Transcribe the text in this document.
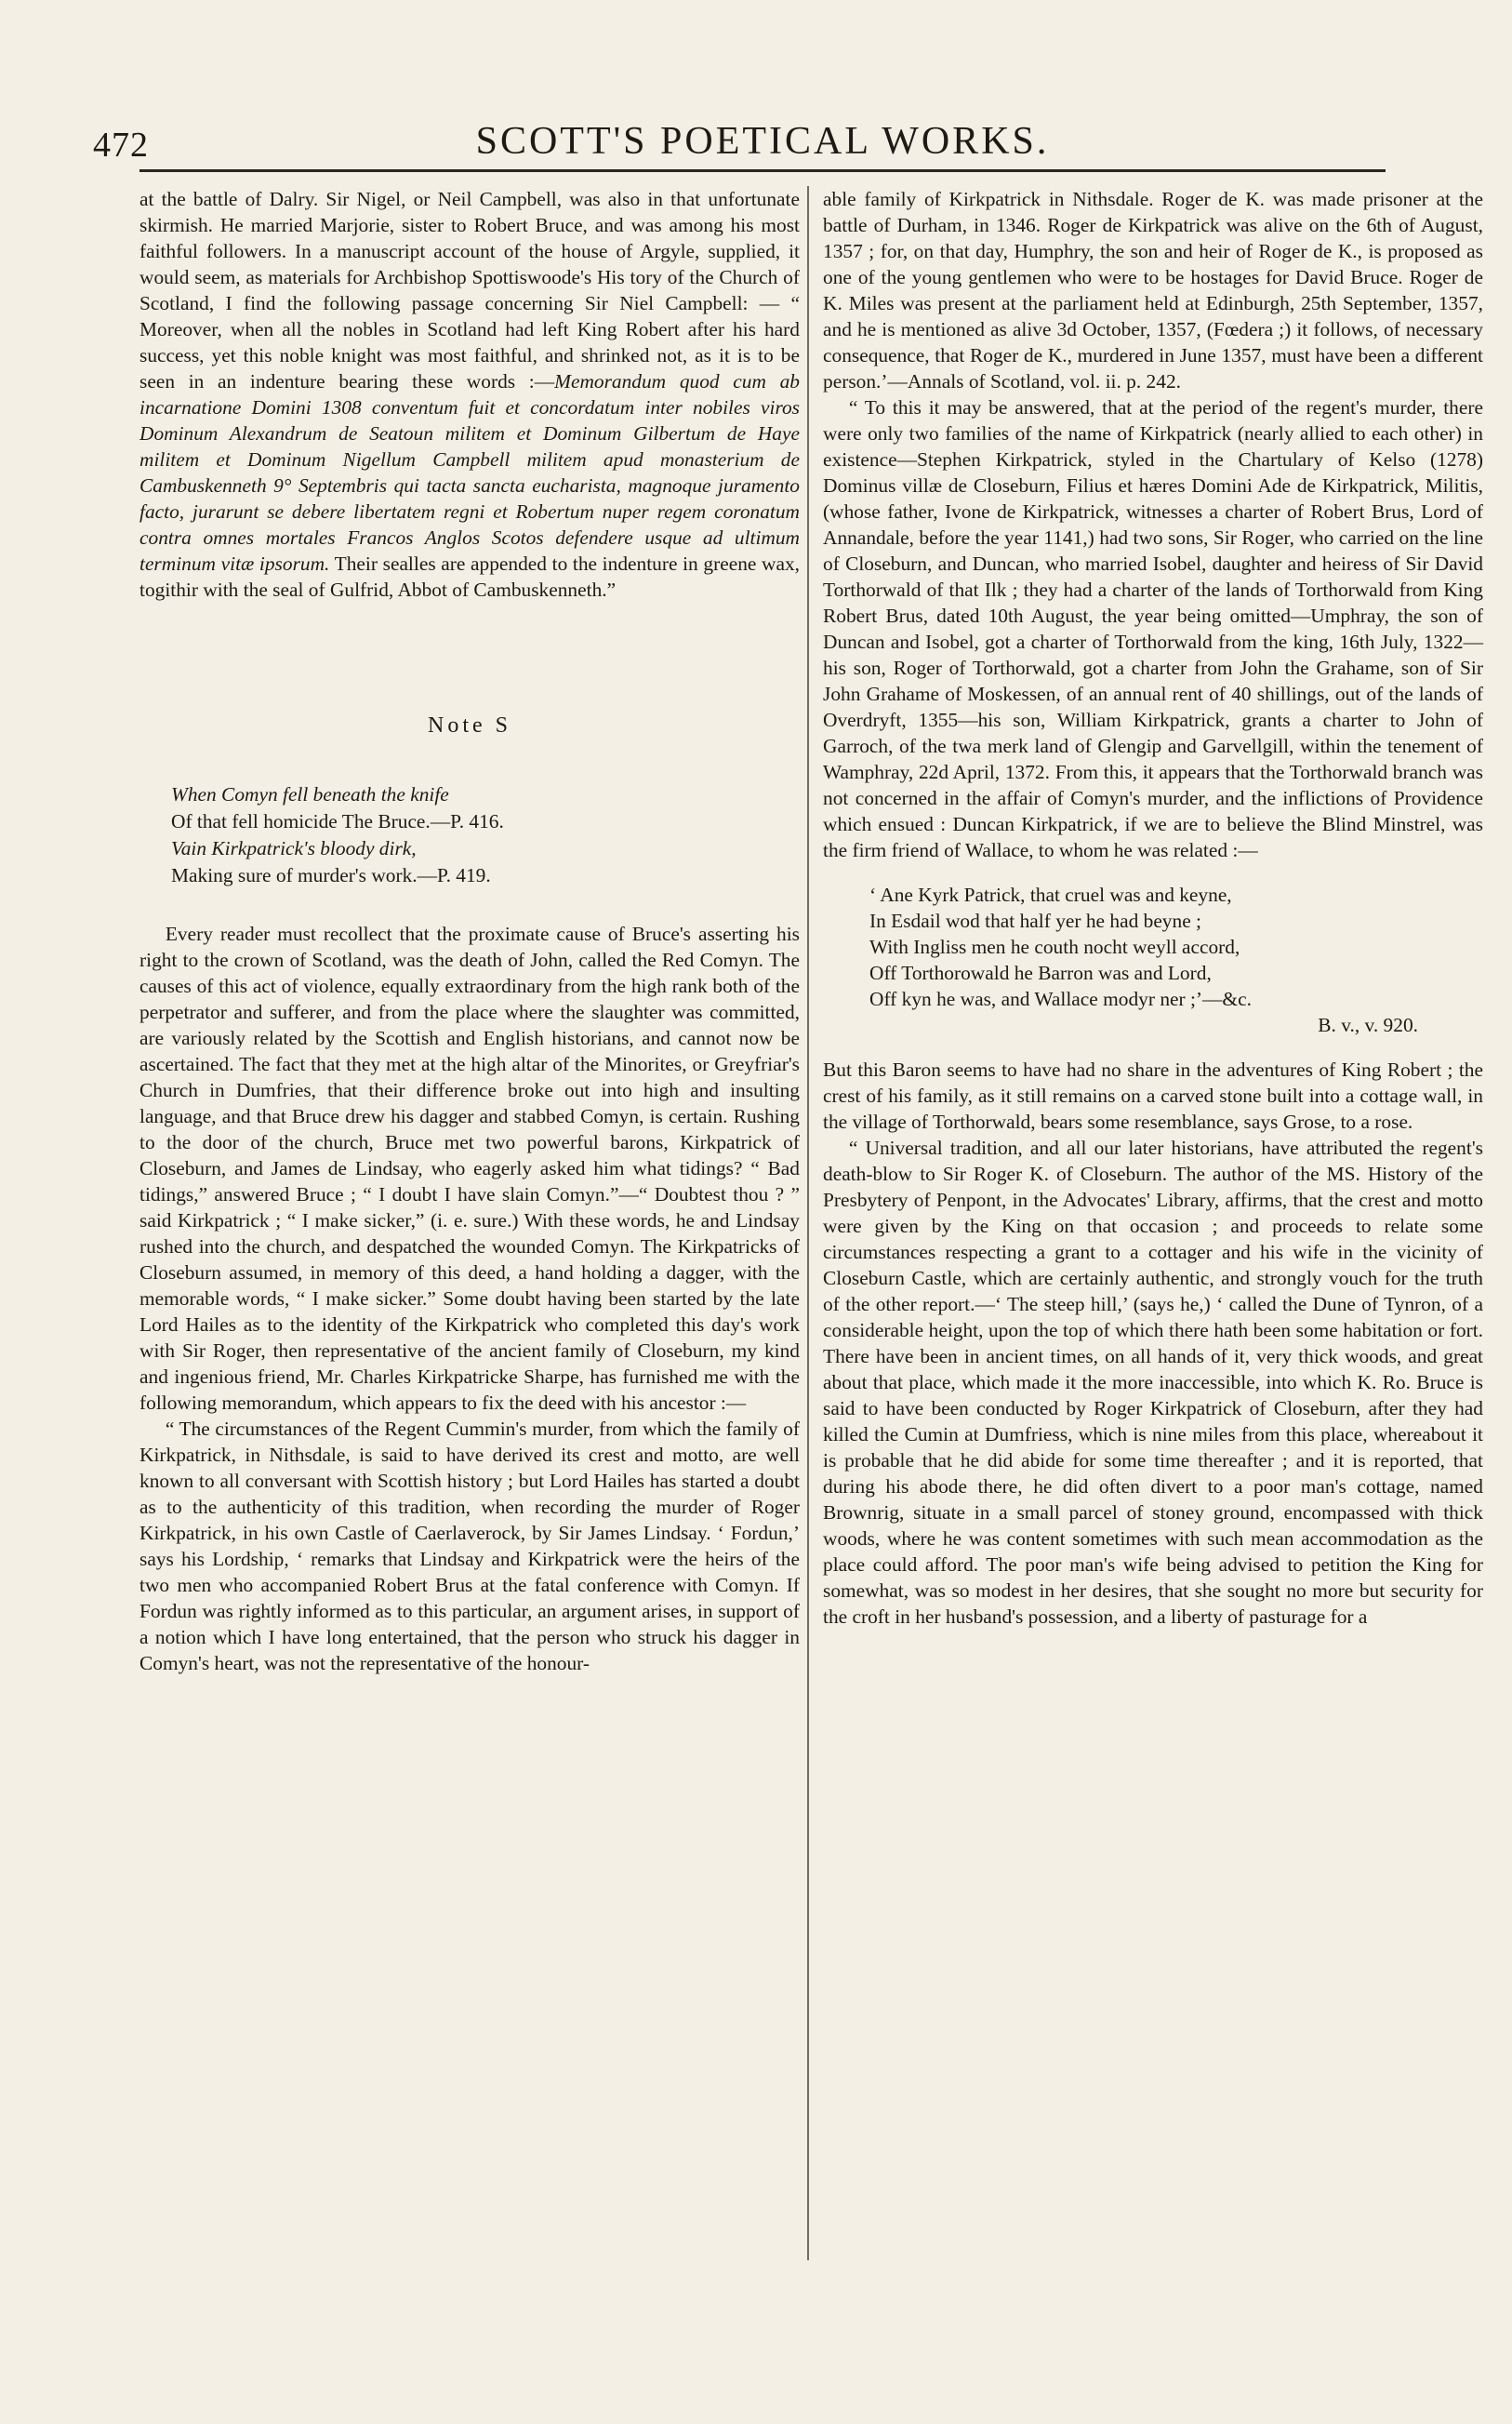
472	SCOTT'S POETICAL WORKS.

at the battle of Dalry. Sir Nigel, or Neil Campbell, was also in that unfortunate skirmish. He married Marjorie, sister to Robert Bruce, and was among his most faithful followers. In a manuscript account of the house of Argyle, supplied, it would seem, as materials for Archbishop Spottiswoode's His tory of the Church of Scotland, I find the following passage concerning Sir Niel Campbell: — “ Moreover, when all the nobles in Scotland had left King Robert after his hard success, yet this noble knight was most faithful, and shrinked not, as it is to be seen in an indenture bearing these words :—Memorandum quod cum ab incarnatione Domini 1308 conventum fuit et concordatum inter nobiles viros Dominum Alexandrum de Seatoun militem et Dominum Gilbertum de Haye militem et Dominum Nigellum Campbell militem apud monasterium de Cambuskenneth 9° Septembris qui tacta sancta eucharista, magnoque juramento facto, jurarunt se debere libertatem regni et Robertum nuper regem coronatum contra omnes mortales Francos Anglos Scotos defendere usque ad ultimum terminum vitæ ipsorum. Their sealles are appended to the indenture in greene wax, togithir with the seal of Gulfrid, Abbot of Cambuskenneth.”

Note S
When Comyn fell beneath the knife
Of that fell homicide The Bruce.—P. 416.
Vain Kirkpatrick's bloody dirk,
Making sure of murder's work.—P. 419.

Every reader must recollect that the proximate cause of Bruce's asserting his right to the crown of Scotland, was the death of John, called the Red Comyn. The causes of this act of violence, equally extraordinary from the high rank both of the perpetrator and sufferer, and from the place where the slaughter was committed, are variously related by the Scottish and English historians, and cannot now be ascertained. The fact that they met at the high altar of the Minorites, or Greyfriar's Church in Dumfries, that their difference broke out into high and insulting language, and that Bruce drew his dagger and stabbed Comyn, is certain. Rushing to the door of the church, Bruce met two powerful barons, Kirkpatrick of Closeburn, and James de Lindsay, who eagerly asked him what tidings? “ Bad tidings,” answered Bruce ; “ I doubt I have slain Comyn.”—“ Doubtest thou ? ” said Kirkpatrick ; “ I make sicker,” (i. e. sure.) With these words, he and Lindsay rushed into the church, and despatched the wounded Comyn. The Kirkpatricks of Closeburn assumed, in memory of this deed, a hand holding a dagger, with the memorable words, “ I make sicker.” Some doubt having been started by the late Lord Hailes as to the identity of the Kirkpatrick who completed this day's work with Sir Roger, then representative of the ancient family of Closeburn, my kind and ingenious friend, Mr. Charles Kirkpatricke Sharpe, has furnished me with the following memorandum, which appears to fix the deed with his ancestor :—

“ The circumstances of the Regent Cummin's murder, from which the family of Kirkpatrick, in Nithsdale, is said to have derived its crest and motto, are well known to all conversant with Scottish history ; but Lord Hailes has started a doubt as to the authenticity of this tradition, when recording the murder of Roger Kirkpatrick, in his own Castle of Caerlaverock, by Sir James Lindsay. ‘ Fordun,’ says his Lordship, ‘ remarks that Lindsay and Kirkpatrick were the heirs of the two men who accompanied Robert Brus at the fatal conference with Comyn. If Fordun was rightly informed as to this particular, an argument arises, in support of a notion which I have long entertained, that the person who struck his dagger in Comyn's heart, was not the representative of the honour-

able family of Kirkpatrick in Nithsdale. Roger de K. was made prisoner at the battle of Durham, in 1346. Roger de Kirkpatrick was alive on the 6th of August, 1357 ; for, on that day, Humphry, the son and heir of Roger de K., is proposed as one of the young gentlemen who were to be hostages for David Bruce. Roger de K. Miles was present at the parliament held at Edinburgh, 25th September, 1357, and he is mentioned as alive 3d October, 1357, (Fœdera ;) it follows, of necessary consequence, that Roger de K., murdered in June 1357, must have been a different person.’—Annals of Scotland, vol. ii. p. 242.

“ To this it may be answered, that at the period of the regent's murder, there were only two families of the name of Kirkpatrick (nearly allied to each other) in existence—Stephen Kirkpatrick, styled in the Chartulary of Kelso (1278) Dominus villæ de Closeburn, Filius et hæres Domini Ade de Kirkpatrick, Militis, (whose father, Ivone de Kirkpatrick, witnesses a charter of Robert Brus, Lord of Annandale, before the year 1141,) had two sons, Sir Roger, who carried on the line of Closeburn, and Duncan, who married Isobel, daughter and heiress of Sir David Torthorwald of that Ilk ; they had a charter of the lands of Torthorwald from King Robert Brus, dated 10th August, the year being omitted—Umphray, the son of Duncan and Isobel, got a charter of Torthorwald from the king, 16th July, 1322—his son, Roger of Torthorwald, got a charter from John the Grahame, son of Sir John Grahame of Moskessen, of an annual rent of 40 shillings, out of the lands of Overdryft, 1355—his son, William Kirkpatrick, grants a charter to John of Garroch, of the twa merk land of Glengip and Garvellgill, within the tenement of Wamphray, 22d April, 1372. From this, it appears that the Torthorwald branch was not concerned in the affair of Comyn's murder, and the inflictions of Providence which ensued : Duncan Kirkpatrick, if we are to believe the Blind Minstrel, was the firm friend of Wallace, to whom he was related :—

‘ Ane Kyrk Patrick, that cruel was and keyne,
In Esdail wod that half yer he had beyne ;
With Ingliss men he couth nocht weyll accord,
Off Torthorowald he Barron was and Lord,
Off kyn he was, and Wallace modyr ner ;’—&c.
B. v., v. 920.

But this Baron seems to have had no share in the adventures of King Robert ; the crest of his family, as it still remains on a carved stone built into a cottage wall, in the village of Torthorwald, bears some resemblance, says Grose, to a rose.

“ Universal tradition, and all our later historians, have attributed the regent's death-blow to Sir Roger K. of Closeburn. The author of the MS. History of the Presbytery of Penpont, in the Advocates' Library, affirms, that the crest and motto were given by the King on that occasion ; and proceeds to relate some circumstances respecting a grant to a cottager and his wife in the vicinity of Closeburn Castle, which are certainly authentic, and strongly vouch for the truth of the other report.—‘ The steep hill,’ (says he,) ‘ called the Dune of Tynron, of a considerable height, upon the top of which there hath been some habitation or fort. There have been in ancient times, on all hands of it, very thick woods, and great about that place, which made it the more inaccessible, into which K. Ro. Bruce is said to have been conducted by Roger Kirkpatrick of Closeburn, after they had killed the Cumin at Dumfriess, which is nine miles from this place, whereabout it is probable that he did abide for some time thereafter ; and it is reported, that during his abode there, he did often divert to a poor man's cottage, named Brownrig, situate in a small parcel of stoney ground, encompassed with thick woods, where he was content sometimes with such mean accommodation as the place could afford. The poor man's wife being advised to petition the King for somewhat, was so modest in her desires, that she sought no more but security for the croft in her husband's possession, and a liberty of pasturage for a
